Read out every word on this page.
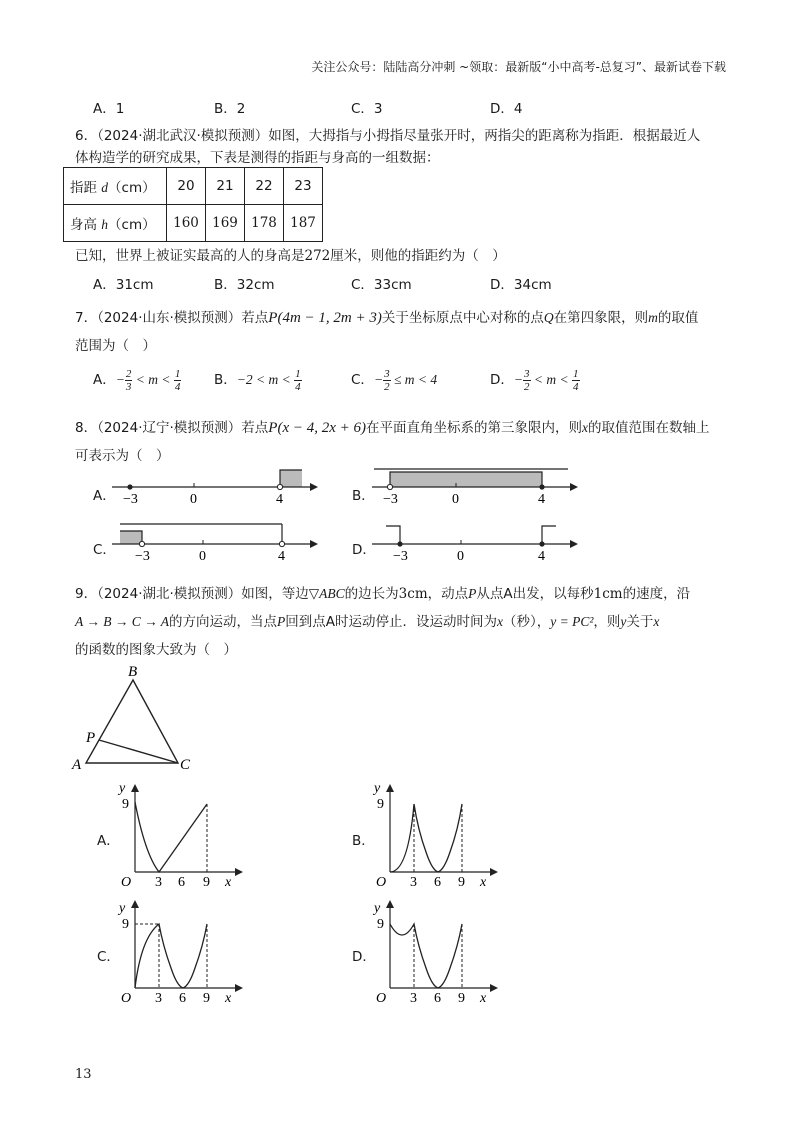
关注公众号：陆陆高分冲刺 ~领取：最新版“小中高考-总复习”、最新试卷下载
A．1	B．2	C．3	D．4
6．（2024·湖北武汉·模拟预测）如图，大拇指与小拇指尽量张开时，两指尖的距离称为指距．根据最近人
体构造学的研究成果，下表是测得的指距与身高的一组数据：
指距 d（cm）	20	21	22	23
身高 h（cm）	160	169	178	187
已知，世界上被证实最高的人的身高是272厘米，则他的指距约为（　）
A．31cm	B．32cm	C．33cm	D．34cm
7．（2024·山东·模拟预测）若点P(4m − 1, 2m + 3)关于坐标原点中心对称的点Q在第四象限，则m的取值
范围为（　）
A．− $\frac{2}{3} < m < \frac{1}{4}$ B．$-2 < m < \frac{1}{4}$	C．− $\frac{3}{2} \le m < 4$	D．− $\frac{3}{2} < m < \frac{1}{4}$
8．（2024·辽宁·模拟预测）若点P(x − 4, 2x + 6)在平面直角坐标系的第三象限内，则x的取值范围在数轴上
可表示为（　）
A．	B．
C．	D．
−3	0	4	−3	0	4
−3	0	4	−3	0	4
9．（2024·湖北·模拟预测）如图，等边▽ABC的边长为3cm，动点P从点A出发，以每秒1cm的速度，沿
A → B → C → A的方向运动，当点P回到点A时运动停止．设运动时间为x（秒），y = PC²，则y关于x
的函数的图象大致为（　）
B
P
A	C
A．	B．
C．	D．
y
9
O 3 6 9 x
y
9
O 3 6 9 x
y
9
O 3 6 9 x
y
9
O 3 6 9 x
13
